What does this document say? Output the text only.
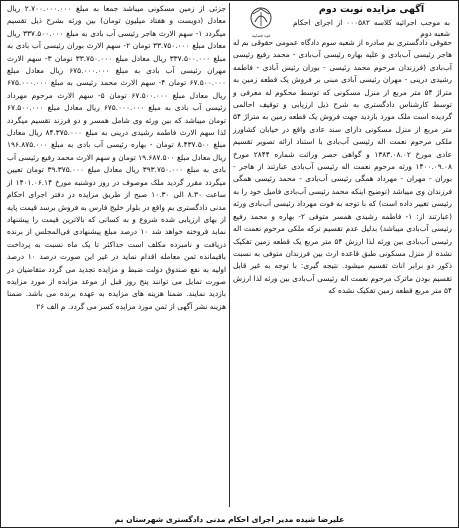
آگهی مزایده نوبت دوم
قوه قضاییه
به موجب اجرائیه کلاسه ۰۰۰۵۸۲ از اجرای احکام شعبه دوم

حقوقی دادگستری بم صادره از شعبه سوم دادگاه عمومی حقوقی بم له هاجر رئیسی آب‌بادی و علیه بهاره رئیسی آب‌بادی - محمد رفیع رئیسی آب‌بادی (فرزندان مرحوم محمد رئیسی - بوران رئیس آبادی - فاطمه رشیدی درینی - مهران رئیسی آبادی مبنی بر فروش یک قطعه زمین به متراژ ۵۴ متر مربع از منزل مسکونی که توسط محکوم له معرفی و توسط کارشناس دادگستری به شرح ذیل ارزیابی و توقیف احالمی گردیده است ملک مورد بازدید جهت فروش یک قطعه زمین به متراژ ۵۴ متر مربع از منزل مسکونی دارای سند عادی واقع در خیابان کشاورز ملکی مرحوم نعمت اله رئیسی آب‌بادی با استناد ارائه تصویر تقسیم عادی مورخ ۱۳۸۳.۰۸.۰۲ و گواهی حصر وراثت شماره ۲۸۴۴ مورخ ۱۴۰۰.۰۹.۰۸ ورثه مرحوم نعمت اله رئیسی آب‌بادی عبارتند از هاجر - بوران - مهران - مهرداد همگی رئیسی آب‌بادی - محمد رئیسی همگی فرزندان وی میباشد (توضیح اینکه محمد رئیسی آب‌بادی فامیل خود را به رئیسی تغییر داده است) که با توجه به فوت مهرداد رئیسی آب‌بادی ورثه (عبارتند از: ۱- فاطمه رشیدی همسر متوفی ۲- بهاره و محمد رفیع رئیسی آب‌بادی میباشد) بدلیل عدم تقسیم ترکه ملکی مرحوم نعمت اله رئیسی آب‌بادی بین ورثه لذا ارزش ۵۴ متر مربع یک قطعه زمین تفکیک نشده از منزل مسکونی طبق قاعده ارث بین فرزندان متوفی به نسبت ذکور دو برابر اناث تقسیم میشود. نتیجه گیری: با توجه به غیر قابل تقسیم بودن ماترک مرحوم نعمت اله رئیسی آب‌بادی بین ورثه لذا ارزش ۵۴ متر مربع قطعه زمین تفکیک نشده که

جزئی از زمین مسکونی میباشد جمعا به مبلغ ۲.۷۰۰.۰۰۰.۰۰۰ ریال معادل (دویست و هفتاد میلیون تومان) بین ورثه بشرح ذیل تقسیم میگردد ۱- سهم الارث هاجر رئیسی آب بادی به مبلغ ۳۳۷.۵۰۰.۰۰۰ ریال معادل مبلغ ۳۳.۷۵۰.۰۰۰ تومان ۲- سهم الارث بوران رئیسی آب بادی به مبلغ ۳۳۷.۵۰۰.۰۰۰ ریال معادل مبلغ ۳۳.۷۵۰.۰۰۰ تومان ۳- سهم الارث مهران رئیسی آب بادی به مبلغ ۶۷۵.۰۰۰.۰۰۰ ریال معادل مبلغ ۶۷.۵۰۰.۰۰۰ تومان ۴- سهم الارث محمد رئیسی به مبلغ ۶۷۵.۰۰۰.۰۰۰ ریال معادل مبلغ ۶۷.۵۰۰.۰۰۰ تومان ۵- سهم الارث مرحوم مهرداد رئیسی آب بادی به مبلغ ۶۷۵.۰۰۰.۰۰۰ ریال معادل مبلغ ۶۷.۵۰۰.۰۰۰ تومان میباشد که بین ورثه وی شامل همسر و دو فرزند تقسیم میگردد لذا سهم الارث فاطمه رشیدی درینی به مبلغ ۸۴.۳۷۵.۰۰۰ ریال معادل مبلغ ۸.۴۳۷.۵۰۰ تومان - بهاره رئیسی آب بادی به مبلغ ۱۹۶.۸۷۵.۰۰۰ ریال معادل مبلغ ۱۹.۶۸۷.۵۰۰ تومان و سهم الارث محمد رفیع رئیسی آب بادی به مبلغ ۳۹۳.۷۵۰.۰۰۰ ریال معادل مبلغ ۳۹.۳۷۵.۰۰۰ تومان تعیین میگردد مقرر گردید ملک موصوف در روز دوشنبه مورخ ۱۴۰۱.۰۶.۱۴ از ساعت ۸.۳۰ الی ۱۰.۳۰ صبح از طریق مزایده در دفتر اجرای احکام مدنی دادگستری بم واقع در بلوار خلیج فارس به فروش برسد قیمت پایه از بهای ارزیابی شده شروع و به کسانی که بالاترین قیمت را پیشنهاد نماید فروخته خواهد شد ۱۰ درصد مبلغ پیشنهادی فی‌المجلس از برنده دریافت و نامبرده مکلف است حداکثر تا یک ماه نسبت به پرداخت باقیمانده ثمن معامله اقدام نماید در غیر این صورت درصد ۱۰ درصد اولیه به نفع صندوق دولت ضبط و مزایده تجدید می گردد متقاضیان در صورت تمایل می توانند پنج روز قبل از موعد مزایده از مورد مزایده بازدید نمایند. ضمنا هزینه های مزایده به عهده برنده می باشد. ضمنا هزینه نشر آگهی از ثمن مورد مزایده کسر می گردد. م الف ۲۶

علیرضا شیده مدیر اجرای احکام مدنی دادگستری شهرستان بم
